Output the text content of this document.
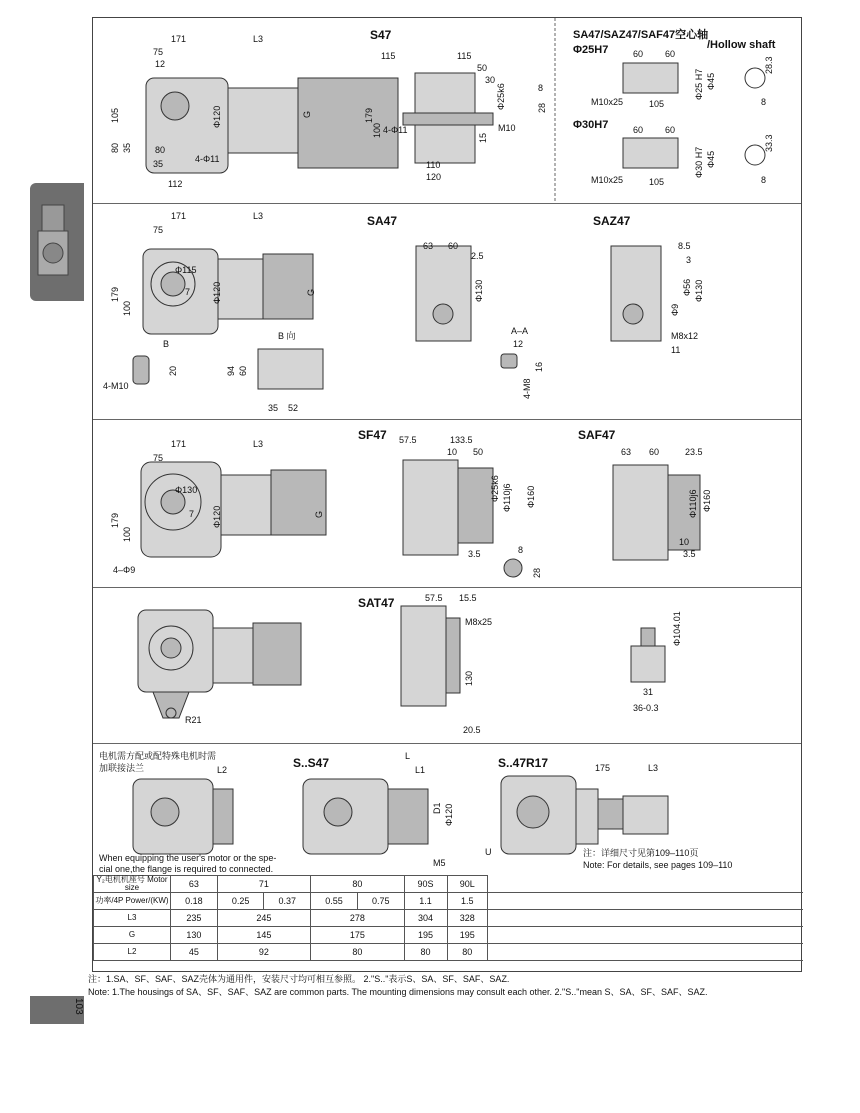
103
S47	SA47/SAZ47/SAF47空心轴
/Hollow shaft
Φ25H7
Φ30H7
171	L3
75
12
35
80
112
4-Φ11
105
80 35
Φ120	G
115	115
50
30
Φ25k6
179
100 4-Φ11
110
120
15
M10
8
28
60 60
28.3
Φ25 H7 Φ45
M10x25	105	8
60 60
33.3
Φ30 H7 Φ45
M10x25	105	8
SA47	SAZ47
171	L3
75
179
100
Φ115
7
B
B 向
94 60
35 52
4-M10
20
Φ120	G
63 60
2.5
Φ130
A–A
12
4-M8
16
8.5
3
Φ9
Φ56 Φ130
M8x12
11
SF47	SAF47
171	L3
75
179
100
Φ130
7
4–Φ9
Φ120	G
57.5	133.5
10 50
Φ25k6 Φ110j6 Φ160
3.5	8
28
63 60	23.5
Φ110j6 Φ160
10
3.5
SAT47	57.5 15.5
M8x25
130
20.5
R21
Φ104.01
31
36-0.3
电机需方配或配特殊电机时需
加联接法兰	S..S47	S..47R17
L2
L
L1
D1 Φ120
M5
U
175	L3
When equipping the user's motor or the spe-
cial one,the flange is required to connected.
注：详细尺寸见第109–110页
Note: For details, see pages 109–110
Y₂电机机座号 Motor size	63	71		80		90S	90L	
功率/4P Power/(KW)	0.18	0.25	0.37	0.55	0.75	1.1	1.5	
L3	235	245		278		304	328	
G	130	145		175		195	195	
L2	45	92		80		80	80	
注：1.SA、SF、SAF、SAZ壳体为通用件，安装尺寸均可相互参照。 2."S.."表示S、SA、SF、SAF、SAZ.
Note: 1.The housings of SA、SF、SAF、SAZ are common parts. The mounting dimensions may consult each other. 2."S.."mean S、SA、SF、SAF、SAZ.
